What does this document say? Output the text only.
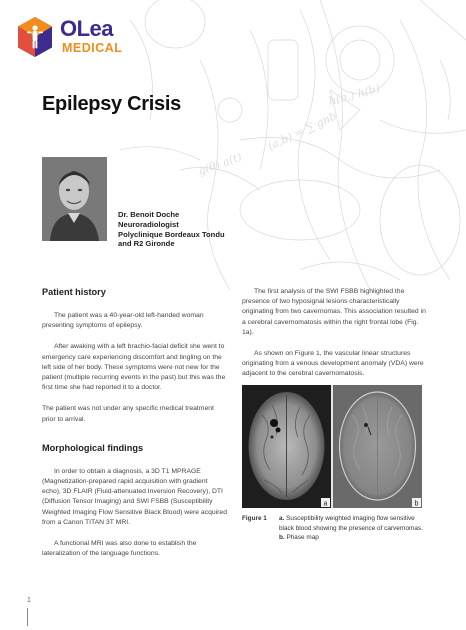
h(b,) h(b)
(a,b) = ∑ gnb
g(θ) a(t)
OLea
MEDICAL
Epilepsy Crisis
Dr. Benoit Doche
Neuroradiologist
Polyclinique Bordeaux Tondu
and R2 Gironde
Patient history

The patient was a 40-year-old left-handed woman presenting symptoms of epilepsy.

After awaking with a left brachio-facial deficit she went to emergency care experiencing discomfort and tingling on the left side of her body. These symptoms were not new for the patient (multiple recurring events in the past) but this was the first time she had reported it to a doctor.

The patient was not under any specific medical treatment prior to arrival.

Morphological findings

In order to obtain a diagnosis, a 3D T1 MPRAGE (Magnetization-prepared rapid acquisition with gradient echo), 3D FLAIR (Fluid-attenuated Inversion Recovery), DTI (Diffusion Tensor Imaging) and SWI FSBB (Susceptibility Weighted Imaging Flow Sensitive Black Blood) were acquired from a Canon TITAN 3T MRI.

A functional MRI was also done to establish the lateralization of the language functions.

The first analysis of the SWI FSBB highlighted the presence of two hyposignal lesions characteristically originating from two cavernomas. This association resulted in a cerebral cavernomatosis within the right frontal lobe (Fig. 1a).

As shown on Figure 1, the vascular linear structures originating from a venous development anomaly (VDA) were adjacent to the cerebral cavernomatosis.

a	b
Figure 1 a. Susceptibility weighted imaging flow sensitive black blood showing the presence of carvernomas.
b. Phase map
1
